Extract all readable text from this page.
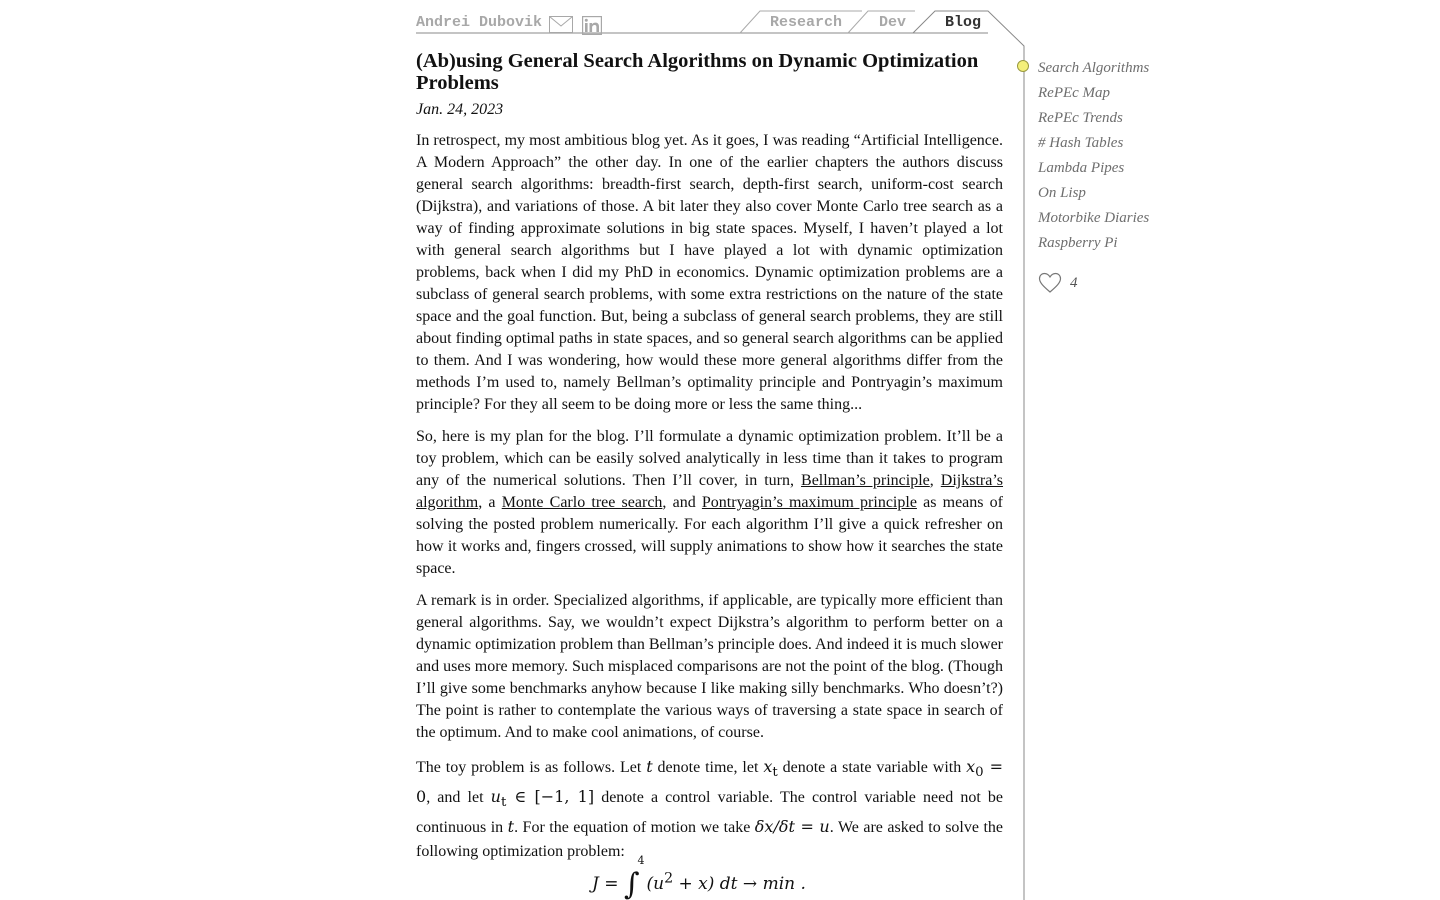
Andrei Dubovik	Research Dev	Blog
(Ab)using General Search Algorithms on Dynamic Optimization Problems
Jan. 24, 2023

In retrospect, my most ambitious blog yet. As it goes, I was reading “Artificial Intelligence. A Modern Approach” the other day. In one of the earlier chapters the authors discuss general search algorithms: breadth-first search, depth-first search, uniform-cost search (Dijkstra), and variations of those. A bit later they also cover Monte Carlo tree search as a way of finding approximate solutions in big state spaces. Myself, I haven’t played a lot with general search algorithms but I have played a lot with dynamic optimization problems, back when I did my PhD in economics. Dynamic optimization problems are a subclass of general search problems, with some extra restrictions on the nature of the state space and the goal function. But, being a subclass of general search problems, they are still about finding optimal paths in state spaces, and so general search algorithms can be applied to them. And I was wondering, how would these more general algorithms differ from the methods I’m used to, namely Bellman’s optimality principle and Pontryagin’s maximum principle? For they all seem to be doing more or less the same thing...

So, here is my plan for the blog. I’ll formulate a dynamic optimization problem. It’ll be a toy problem, which can be easily solved analytically in less time than it takes to program any of the numerical solutions. Then I’ll cover, in turn, Bellman’s principle, Dijkstra’s algorithm, a Monte Carlo tree search, and Pontryagin’s maximum principle as means of solving the posted problem numerically. For each algorithm I’ll give a quick refresher on how it works and, fingers crossed, will supply animations to show how it searches the state space.

A remark is in order. Specialized algorithms, if applicable, are typically more efficient than general algorithms. Say, we wouldn’t expect Dijkstra’s algorithm to perform better on a dynamic optimization problem than Bellman’s principle does. And indeed it is much slower and uses more memory. Such misplaced comparisons are not the point of the blog. (Though I’ll give some benchmarks anyhow because I like making silly benchmarks. Who doesn’t?) The point is rather to contemplate the various ways of traversing a state space in search of the optimum. And to make cool animations, of course.

The toy problem is as follows. Let t denote time, let $x_t$ denote a state variable with $x_0 = 0$, and let $u_t$ ∈ [−1, 1] denote a control variable. The control variable need not be continuous in t. For the equation of motion we take δx/δt = u. We are asked to solve the following optimization problem:

$J = \int^4(u^2 + x)$ dt → min .
Search Algorithms
RePEc Map
RePEc Trends
# Hash Tables
Lambda Pipes
On Lisp
Motorbike Diaries
Raspberry Pi
4
